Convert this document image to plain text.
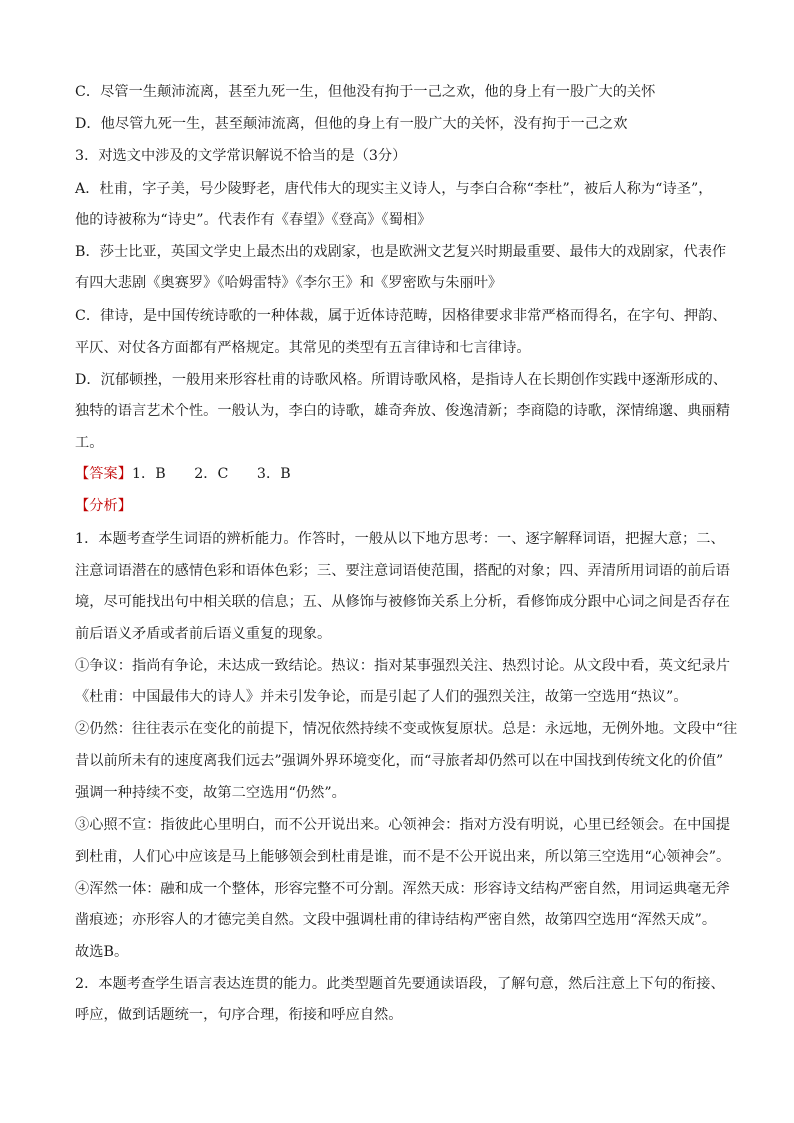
C．尽管一生颠沛流离，甚至九死一生，但他没有拘于一己之欢，他的身上有一股广大的关怀
D．他尽管九死一生，甚至颠沛流离，但他的身上有一股广大的关怀，没有拘于一己之欢
3．对选文中涉及的文学常识解说不恰当的是（3分）
A．杜甫，字子美，号少陵野老，唐代伟大的现实主义诗人，与李白合称“李杜”，被后人称为“诗圣”，
他的诗被称为“诗史”。代表作有《春望》《登高》《蜀相》
B．莎士比亚，英国文学史上最杰出的戏剧家，也是欧洲文艺复兴时期最重要、最伟大的戏剧家，代表作
有四大悲剧《奥赛罗》《哈姆雷特》《李尔王》和《罗密欧与朱丽叶》
C．律诗，是中国传统诗歌的一种体裁，属于近体诗范畴，因格律要求非常严格而得名，在字句、押韵、
平仄、对仗各方面都有严格规定。其常见的类型有五言律诗和七言律诗。
D．沉郁顿挫，一般用来形容杜甫的诗歌风格。所谓诗歌风格，是指诗人在长期创作实践中逐渐形成的、
独特的语言艺术个性。一般认为，李白的诗歌，雄奇奔放、俊逸清新；李商隐的诗歌，深情绵邈、典丽精
工。
【答案】1．B　　2．C　　3．B
【分析】
1．本题考查学生词语的辨析能力。作答时，一般从以下地方思考：一、逐字解释词语，把握大意；二、
注意词语潜在的感情色彩和语体色彩；三、要注意词语使范围，搭配的对象；四、弄清所用词语的前后语
境，尽可能找出句中相关联的信息；五、从修饰与被修饰关系上分析，看修饰成分跟中心词之间是否存在
前后语义矛盾或者前后语义重复的现象。
①争议：指尚有争论，未达成一致结论。热议：指对某事强烈关注、热烈讨论。从文段中看，英文纪录片
《杜甫：中国最伟大的诗人》并未引发争论，而是引起了人们的强烈关注，故第一空选用“热议”。
②仍然：往往表示在变化的前提下，情况依然持续不变或恢复原状。总是：永远地，无例外地。文段中“往
昔以前所未有的速度离我们远去”强调外界环境变化，而“寻旅者却仍然可以在中国找到传统文化的价值”
强调一种持续不变，故第二空选用“仍然”。
③心照不宣：指彼此心里明白，而不公开说出来。心领神会：指对方没有明说，心里已经领会。在中国提
到杜甫，人们心中应该是马上能够领会到杜甫是谁，而不是不公开说出来，所以第三空选用“心领神会”。
④浑然一体：融和成一个整体，形容完整不可分割。浑然天成：形容诗文结构严密自然，用词运典毫无斧
凿痕迹；亦形容人的才德完美自然。文段中强调杜甫的律诗结构严密自然，故第四空选用“浑然天成”。
故选B。
2．本题考查学生语言表达连贯的能力。此类型题首先要通读语段，了解句意，然后注意上下句的衔接、
呼应，做到话题统一，句序合理，衔接和呼应自然。
